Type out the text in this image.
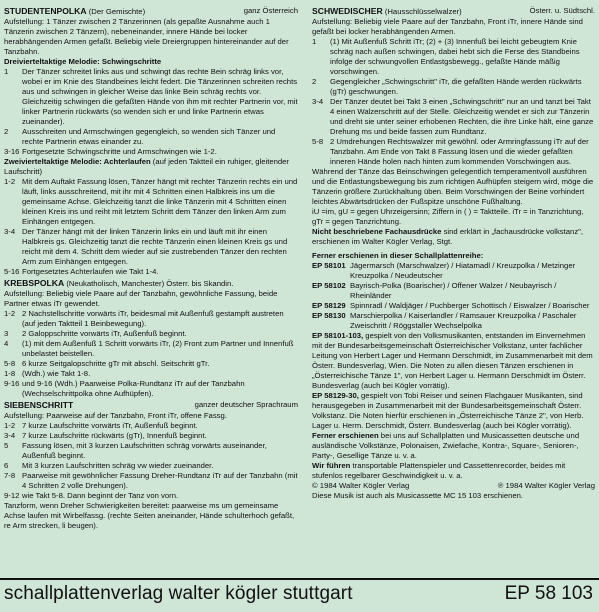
STUDENTENPOLKA (Der Gemischte)	ganz Österreich

Aufstellung: 1 Tänzer zwischen 2 Tänzerinnen (als gepaßte Ausnahme auch 1 Tänzerin zwischen 2 Tänzern), nebeneinander, innere Hände bei locker herabhängenden Armen gefaßt. Beliebig viele Dreiergruppen hintereinander auf der Tanzbahn.

Dreivierteltaktige Melodie: Schwingschritte

1	Der Tänzer schreitet links aus und schwingt das rechte Bein schräg links vor, wobei er im Knie des Standbeines leicht federt. Die Tänzerinnen schreiten rechts aus und schwingen in gleicher Weise das linke Bein schräg rechts vor. Gleichzeitig schwingen die gefaßten Hände von ihm mit rechter Partnerin vor, mit linker Partnerin rückwärts (so wenden sich er und linke Partnerin etwas zueinander).
2	Ausschreiten und Armschwingen gegengleich, so wenden sich Tänzer und rechte Partnerin etwas einander zu.
3-16 Fortgesetzte Schwingschritte und Armschwingen wie 1-2.

Zweivierteltaktige Melodie: Achterlaufen (auf jeden Taktteil ein ruhiger, gleitender Laufschritt)

1-2 Mit dem Auftakt Fassung lösen, Tänzer hängt mit rechter Tänzerin rechts ein und läuft, links ausschreitend, mit ihr mit 4 Schritten einen Halbkreis ins um die gemeinsame Achse. Gleichzeitig tanzt die linke Tänzerin mit 4 Schritten einen kleinen Kreis ins und reiht mit letztem Schritt dem Tänzer den linken Arm zum Einhängen entgegen.
3-4 Der Tänzer hängt mit der linken Tänzerin links ein und läuft mit ihr einen Halbkreis gs. Gleichzeitig tanzt die rechte Tänzerin einen kleinen Kreis gs und reicht mit dem 4. Schritt dem wieder auf sie zustrebenden Tänzer den rechten Arm zum Einhängen entgegen.
5-16 Fortgesetztes Achterlaufen wie Takt 1-4.

KREBSPOLKA (Neukatholisch, Manchester) Österr. bis Skandin.

Aufstellung: Beliebig viele Paare auf der Tanzbahn, gewöhnliche Fassung, beide Partner etwas iTr gewendet.

1-2 2 Nachstellschritte vorwärts iTr, beidesmal mit Außenfuß gestampft austreten (auf jeden Taktteil 1 Beinbewegung).
3	2 Galoppschritte vorwärts iTr, Außenfuß beginnt.
4	(1) mit dem Außenfuß 1 Schritt vorwärts iTr, (2) Front zum Partner und Innenfuß unbelastet beistellen.
5-8 6 kurze Seitgalopschritte gTr mit abschl. Seitschritt gTr.
1-8 (Wdh.) wie Takt 1-8.
9-16 und 9-16 (Wdh.) Paarweise Polka-Rundtanz iTr auf der Tanzbahn (Wechselschrittpolka ohne Aufhüpfen).

SIEBENSCHRITT	ganzer deutscher Sprachraum

Aufstellung: Paarweise auf der Tanzbahn, Front iTr, offene Fassg.

1-2 7 kurze Laufschritte vorwärts iTr, Außenfuß beginnt.
3-4 7 kurze Laufschritte rückwärts (gTr), Innenfuß beginnt.
5	Fassung lösen, mit 3 kurzen Laufschritten schräg vorwärts auseinander, Außenfuß beginnt.
6	Mit 3 kurzen Laufschritten schräg vw wieder zueinander.
7-8 Paarweise mit gewöhnlicher Fassung Dreher-Rundtanz iTr auf der Tanzbahn (mit 4 Schritten 2 volle Drehungen).
9-12 wie Takt 5-8. Dann beginnt der Tanz von vorn.

Tanzform, wenn Dreher Schwierigkeiten bereitet: paarweise ms um gemeinsame Achse laufen mit Wirbelfassg. (rechte Seiten aneinander, Hände schulterhoch gefaßt, re Arm strecken, li beugen).

SCHWEDISCHER (Hausschlüsselwalzer)	Österr. u. Südtschl.

Aufstellung: Beliebig viele Paare auf der Tanzbahn, Front iTr, innere Hände sind gefaßt bei locker herabhängenden Armen.

1	(1) Mit Außenfuß Schritt iTr; (2) + (3) Innenfuß bei leicht gebeugtem Knie schräg nach außen schwingen, dabei hebt sich die Ferse des Standbeins infolge der schwungvollen Entlastgsbewegg., gefaßte Hände mäßig vorschwingen.
2	Gegengleicher „Schwingschritt" iTr, die gefaßten Hände werden rückwärts (gTr) geschwungen.
3-4 Der Tänzer deutet bei Takt 3 einen „Schwingschritt" nur an und tanzt bei Takt 4 einen Walzerschritt auf der Stelle. Gleichzeitig wendet er sich zur Tänzerin und dreht sie unter seiner erhobenen Rechten, die ihre Linke hält, eine ganze Drehung ms und beide fassen zum Rundtanz.
5-8 2 Umdrehungen Rechtswalzer mit gewöhnl. oder Armringfassung iTr auf der Tanzbahn. Am Ende von Takt 8 Fassung lösen und die wieder gefaßten inneren Hände holen nach hinten zum kommenden Vorschwingen aus.

Während der Tänze das Beinschwingen gelegentlich temperamentvoll ausführen und die Entlastungsbewegung bis zum richtigen Aufhüpfen steigern wird, möge die Tänzerin größere Zurückhaltung üben. Beim Vorschwingen der Beine vorhindert leichtes Abwärtsdrücken der Fußspitze unschöne Fußhaltung.

iU =im, gU = gegen Uhrzeigersinn; Ziffern in ( ) = Taktteile. iTr = in Tanzrichtung, gTr = gegen Tanzrichtung.

Nicht beschriebene Fachausdrücke sind erklärt in „fachausdrücke volkstanz", erschienen im Walter Kögler Verlag, Stgt.

Ferner erschienen in dieser Schallplattenreihe:

EP 58101 Jägermarsch (Marschwalzer) / Hiatamadl / Kreuzpolka / Metzinger Kreuzpolka / Neudeutscher
EP 58102 Bayrisch-Polka (Boarischer) / Offener Walzer / Neubayrisch / Rheinländer
EP 58129 Spinnradl / Waldjäger / Puchberger Schottisch / Eiswalzer / Boarischer
EP 58130 Marschierpolka / Kaiserlandler / Ramsauer Kreuzpolka / Paschaler Zweischritt / Röggstaller Wechselpolka

EP 58101-103, gespielt von den Volksmusikanten, entstanden im Einvernehmen mit der Bundesarbeitsgemeinschaft Österreichischer Volkstanz, unter fachlicher Leitung von Herbert Lager und Hermann Derschmidt, im Zusammenarbeit mit dem Österr. Bundesverlag, Wien. Die Noten zu allen diesen Tänzen erschienen in „Österreichische Tänze 1", von Herbert Lager u. Hermann Derschmidt im Österr. Bundesverlag (auch bei Kögler vorrätig).

EP 58129-30, gespielt von Tobi Reiser und seinen Flachgauer Musikanten, sind herausgegeben in Zusammenarbeit mit der Bundesarbeitsgemeinschaft Österr. Volkstanz. Die Noten hierfür erschienen in „Österreichische Tänze 2", von Herb. Lager u. Herm. Derschmidt, Österr. Bundesverlag (auch bei Kögler vorrätig).

Ferner erschienen bei uns auf Schallplatten und Musicassetten deutsche und ausländische Volkstänze, Polonaisen, Zwiefache, Kontra-, Square-, Senioren-, Party-, Gesellige Tänze u. v. a.

Wir führen transportable Plattenspieler und Cassettenrecorder, beides mit stufenlos regelbarer Geschwindigkeit u. v. a.

© 1984 Walter Kögler Verlag	℗ 1984 Walter Kögler Verlag

Diese Musik ist auch als Musicassette MC 15 103 erschienen.

schallplattenverlag walter kögler stuttgart	EP 58 103
